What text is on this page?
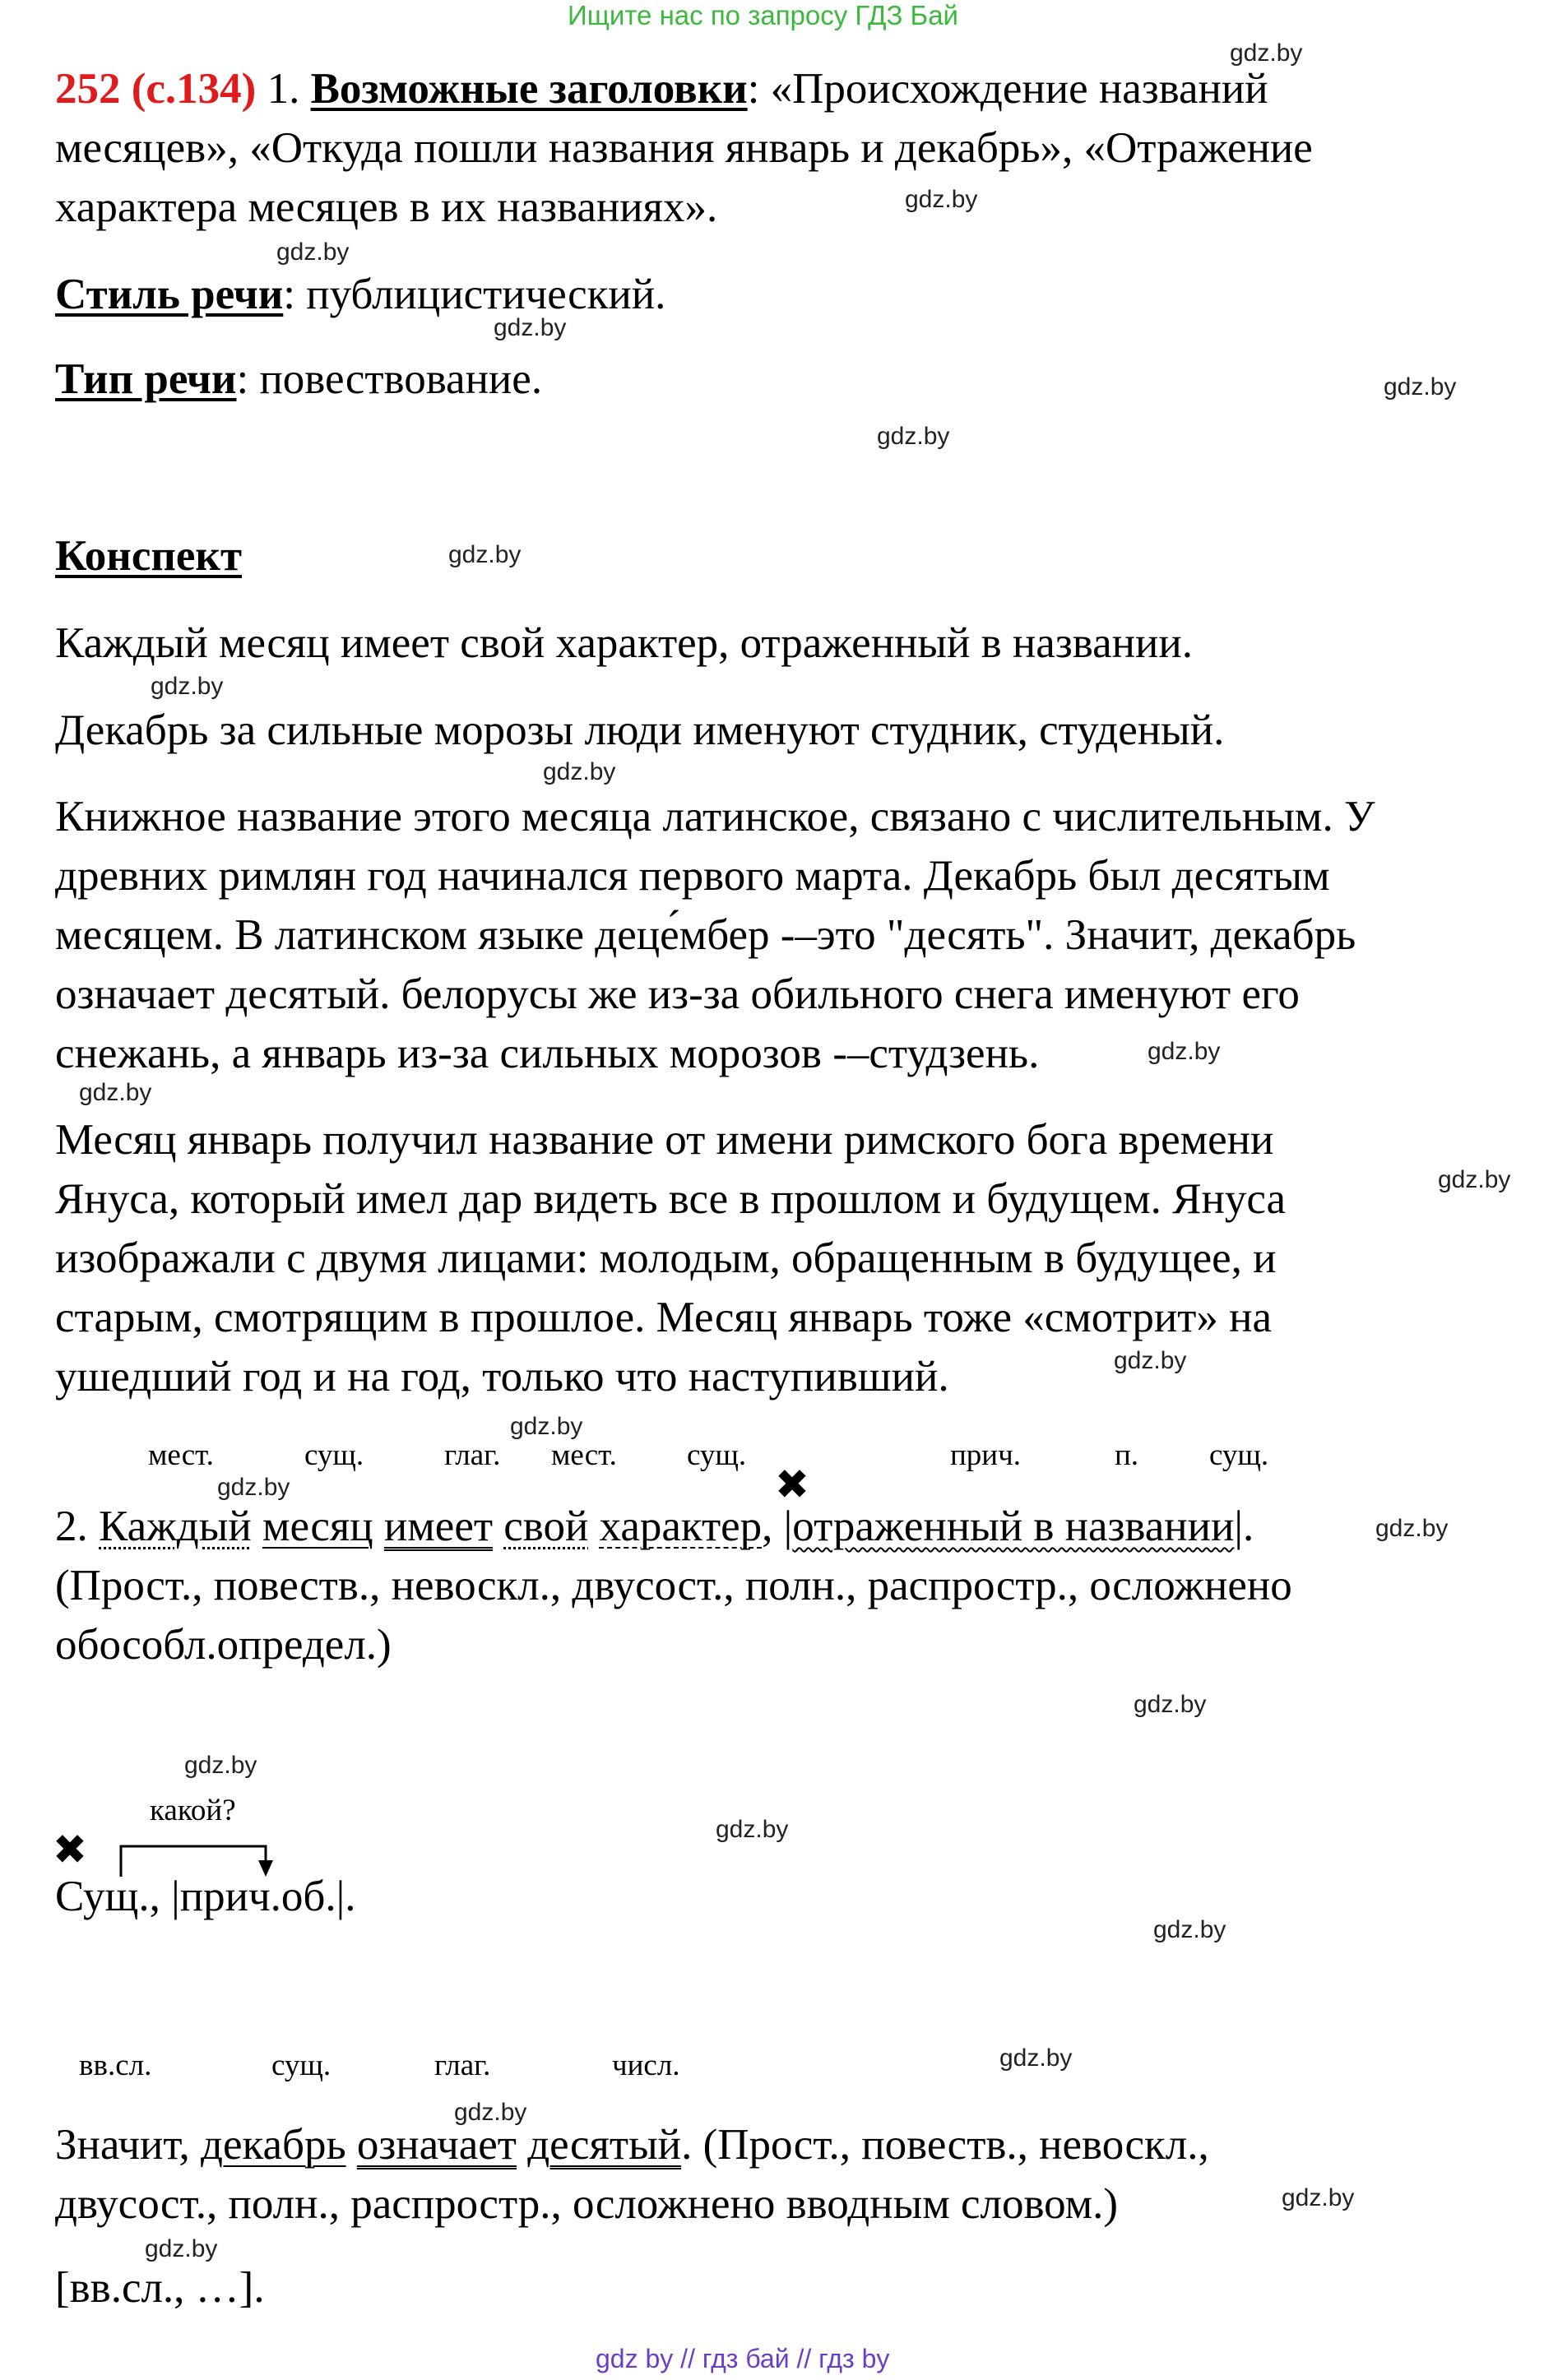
Ищите нас по запросу ГДЗ Бай
252 (с.134) 1. Возможные заголовки: «Происхождение названий
месяцев», «Откуда пошли названия январь и декабрь», «Отражение
характера месяцев в их названиях».
Стиль речи: публицистический.
Тип речи: повествование.
Конспект
Каждый месяц имеет свой характер, отраженный в названии.
Декабрь за сильные морозы люди именуют студник, студеный.
Книжное название этого месяца латинское, связано с числительным. У
древних римлян год начинался первого марта. Декабрь был десятым
месяцем. В латинском языке деце́мбер -–это "десять". Значит, декабрь
означает десятый. белорусы же из-за обильного снега именуют его
снежань, а январь из-за сильных морозов -–студзень.
Месяц январь получил название от имени римского бога времени
Януса, который имел дар видеть все в прошлом и будущем. Януса
изображали с двумя лицами: молодым, обращенным в будущее, и
старым, смотрящим в прошлое. Месяц январь тоже «смотрит» на
ушедший год и на год, только что наступивший.
мест.	сущ.	глаг. мест. сущ.	прич.	п. сущ.
✖
2. Каждый месяц имеет свой характер, |отраженный в названии|.
(Прост., повеств., невоскл., двусост., полн., распростр., осложнено
обособл.определ.)
какой?
✖
Сущ., |прич.об.|.
вв.сл.	сущ.	глаг.	числ.
Значит, декабрь означает десятый. (Прост., повеств., невоскл.,
двусост., полн., распростр., осложнено вводным словом.)
[вв.сл., …].
gdz.by
gdz.by
gdz.by
gdz.by
gdz.by
gdz.by
gdz.by
gdz.by
gdz.by
gdz.by
gdz.by
gdz.by
gdz.by
gdz.by
gdz.by
gdz.by
gdz.by
gdz.by
gdz.by
gdz.by
gdz.by
gdz.by
gdz.by
gdz.by
gdz by // гдз бай // гдз by
